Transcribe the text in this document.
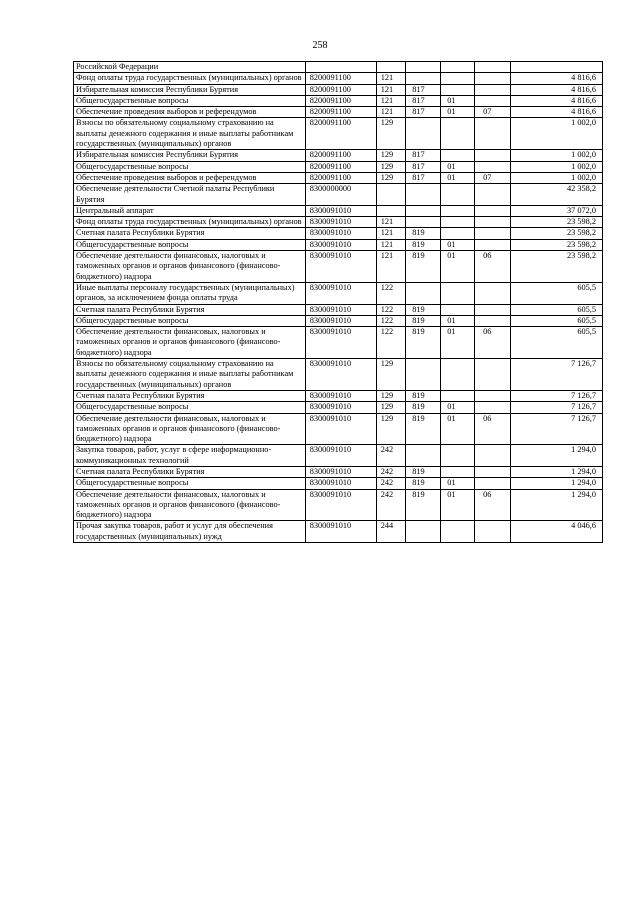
258
Российской Федерации						
Фонд оплаты труда государственных (муниципальных) органов	8200091100	121				4 816,6
Избирательная комиссия Республики Бурятия	8200091100	121	817			4 816,6
Общегосударственные вопросы	8200091100	121	817	01		4 816,6
Обеспечение проведения выборов и референдумов	8200091100	121	817	01	07	4 816,6
Взносы по обязательному социальному страхованию на выплаты денежного содержания и иные выплаты работникам государственных (муниципальных) органов	8200091100	129				1 002,0
Избирательная комиссия Республики Бурятия	8200091100	129	817			1 002,0
Общегосударственные вопросы	8200091100	129	817	01		1 002,0
Обеспечение проведения выборов и референдумов	8200091100	129	817	01	07	1 002,0
Обеспечение деятельности Счетной палаты Республики Бурятия	8300000000					42 358,2
Центральный аппарат	8300091010					37 072,0
Фонд оплаты труда государственных (муниципальных) органов	8300091010	121				23 598,2
Счетная палата Республики Бурятия	8300091010	121	819			23 598,2
Общегосударственные вопросы	8300091010	121	819	01		23 598,2
Обеспечение деятельности финансовых, налоговых и таможенных органов и органов финансового (финансово-бюджетного) надзора	8300091010	121	819	01	06	23 598,2
Иные выплаты персоналу государственных (муниципальных) органов, за исключением фонда оплаты труда	8300091010	122				605,5
Счетная палата Республики Бурятия	8300091010	122	819			605,5
Общегосударственные вопросы	8300091010	122	819	01		605,5
Обеспечение деятельности финансовых, налоговых и таможенных органов и органов финансового (финансово-бюджетного) надзора	8300091010	122	819	01	06	605,5
Взносы по обязательному социальному страхованию на выплаты денежного содержания и иные выплаты работникам государственных (муниципальных) органов	8300091010	129				7 126,7
Счетная палата Республики Бурятия	8300091010	129	819			7 126,7
Общегосударственные вопросы	8300091010	129	819	01		7 126,7
Обеспечение деятельности финансовых, налоговых и таможенных органов и органов финансового (финансово-бюджетного) надзора	8300091010	129	819	01	06	7 126,7
Закупка товаров, работ, услуг в сфере информационно-коммуникационных технологий	8300091010	242				1 294,0
Счетная палата Республики Бурятия	8300091010	242	819			1 294,0
Общегосударственные вопросы	8300091010	242	819	01		1 294,0
Обеспечение деятельности финансовых, налоговых и таможенных органов и органов финансового (финансово-бюджетного) надзора	8300091010	242	819	01	06	1 294,0
Прочая закупка товаров, работ и услуг для обеспечения государственных (муниципальных) нужд	8300091010	244				4 046,6
